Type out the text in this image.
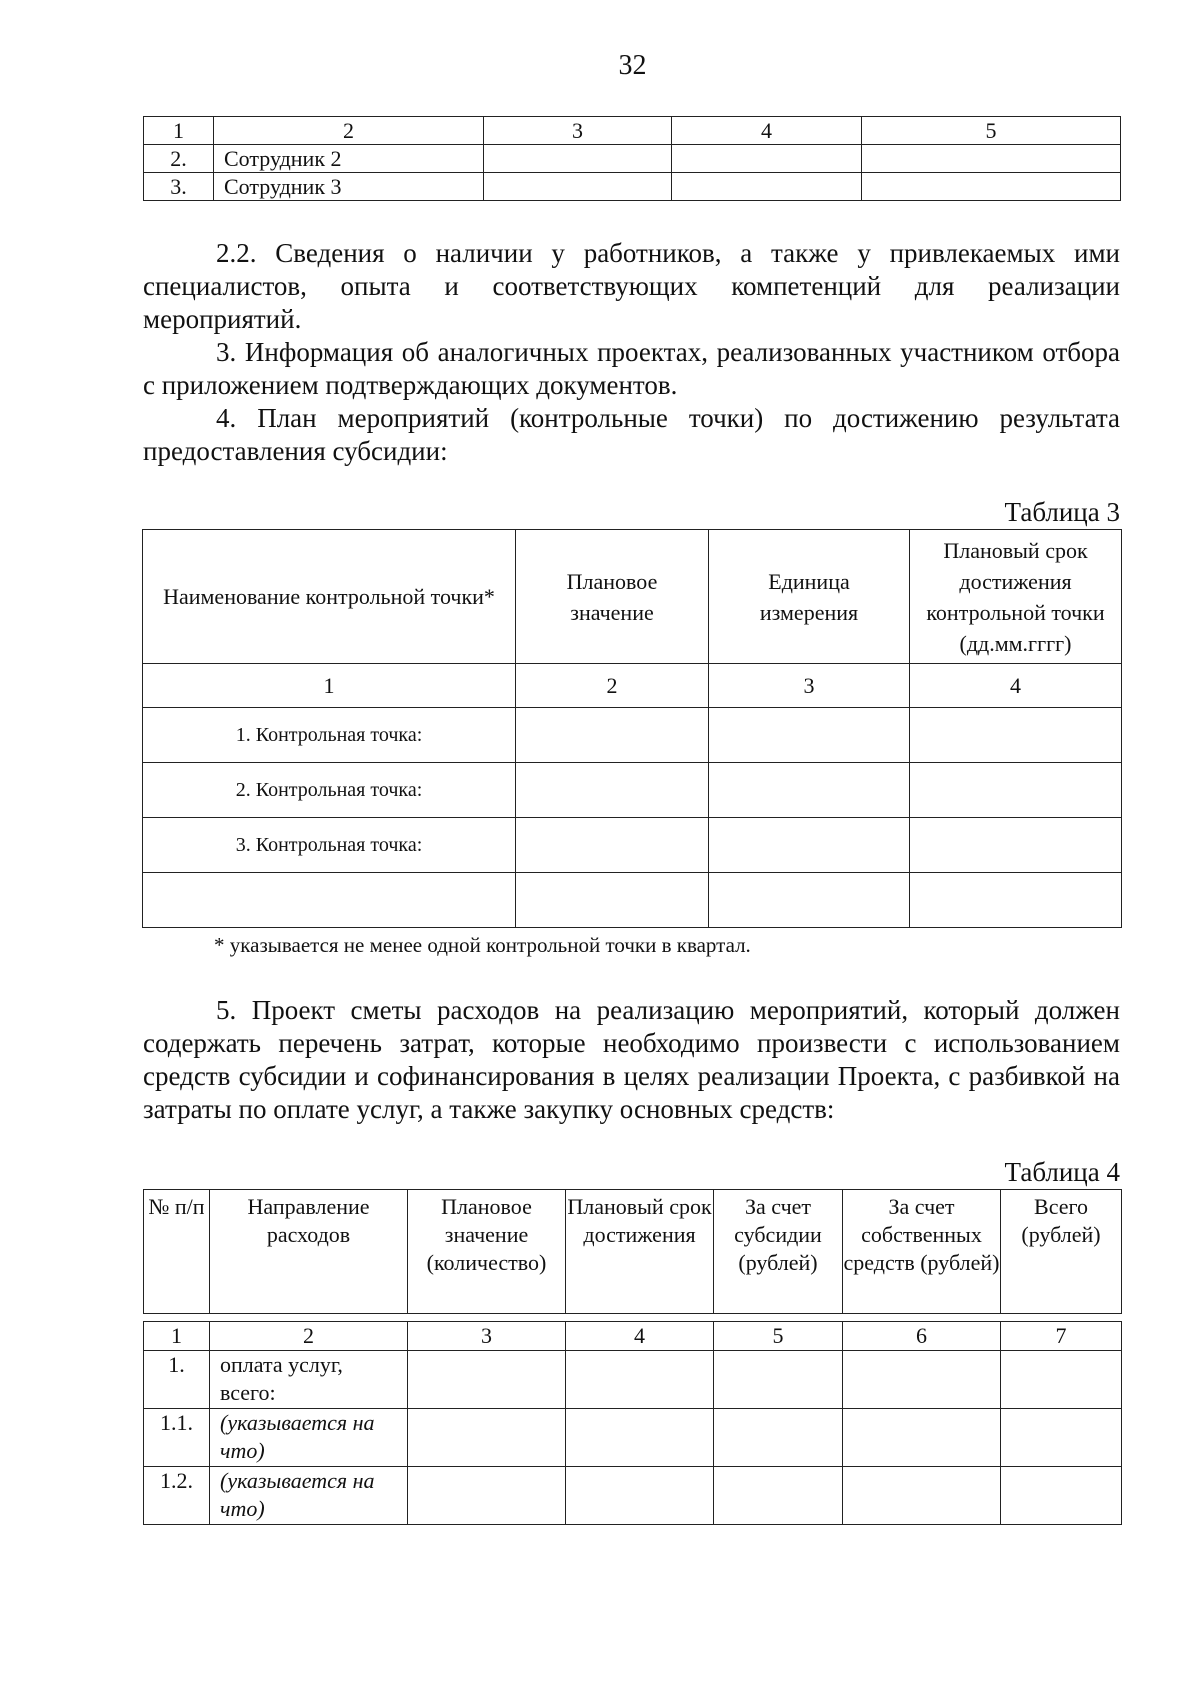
32
1	2	3	4	5
2.	Сотрудник 2			
3.	Сотрудник 3			
2.2. Сведения о наличии у работников, а также у привлекаемых ими специалистов, опыта и соответствующих компетенций для реализации мероприятий.
3. Информация об аналогичных проектах, реализованных участником отбора с приложением подтверждающих документов.
4. План мероприятий (контрольные точки) по достижению результата предоставления субсидии:
Таблица 3
Наименование контрольной точки*	Плановое значение	Единица измерения	Плановый срок достижения контрольной точки (дд.мм.гггг)
1	2	3	4
1. Контрольная точка:			
2. Контрольная точка:			
3. Контрольная точка:			

* указывается не менее одной контрольной точки в квартал.
5. Проект сметы расходов на реализацию мероприятий, который должен содержать перечень затрат, которые необходимо произвести с использованием средств субсидии и софинансирования в целях реализации Проекта, с разбивкой на затраты по оплате услуг, а также закупку основных средств:
Таблица 4
№ п/п	Направление расходов	Плановое значение (количество)	Плановый срок достижения	За счет субсидии (рублей)	За счет собственных средств (рублей)	Всего (рублей)
1	2	3	4	5	6	7
1.	оплата услуг, всего:					
1.1.	(указывается на что)					
1.2.	(указывается на что)					
